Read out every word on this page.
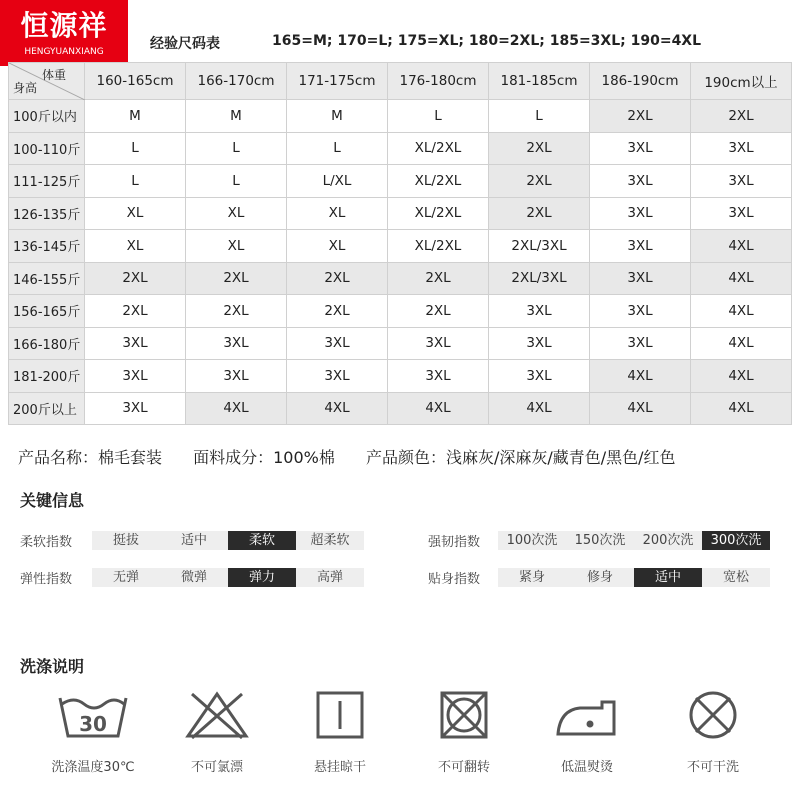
恒源祥
HENGYUANXIANG	经验尺码表	165=M; 170=L; 175=XL; 180=2XL; 185=3XL; 190=4XL
体重
身高	160-165cm	166-170cm	171-175cm	176-180cm	181-185cm	186-190cm	190cm以上
100斤以内	M	M	M	L	L	2XL	2XL
100-110斤	L	L	L	XL/2XL	2XL	3XL	3XL
111-125斤	L	L	L/XL	XL/2XL	2XL	3XL	3XL
126-135斤	XL	XL	XL	XL/2XL	2XL	3XL	3XL
136-145斤	XL	XL	XL	XL/2XL	2XL/3XL	3XL	4XL
146-155斤	2XL	2XL	2XL	2XL	2XL/3XL	3XL	4XL
156-165斤	2XL	2XL	2XL	2XL	3XL	3XL	4XL
166-180斤	3XL	3XL	3XL	3XL	3XL	3XL	4XL
181-200斤	3XL	3XL	3XL	3XL	3XL	4XL	4XL
200斤以上	3XL	4XL	4XL	4XL	4XL	4XL	4XL
产品名称：棉毛套装 面料成分：100%棉 产品颜色：浅麻灰/深麻灰/藏青色/黑色/红色
关键信息
柔软指数	挺拔	适中	柔软	超柔软
弹性指数	无弹	微弹	弹力	高弹
强韧指数	100次洗	150次洗	200次洗	300次洗
贴身指数	紧身	修身	适中	宽松
洗涤说明
30
洗涤温度30℃	不可氯漂	悬挂晾干	不可翻转	低温熨烫	不可干洗
